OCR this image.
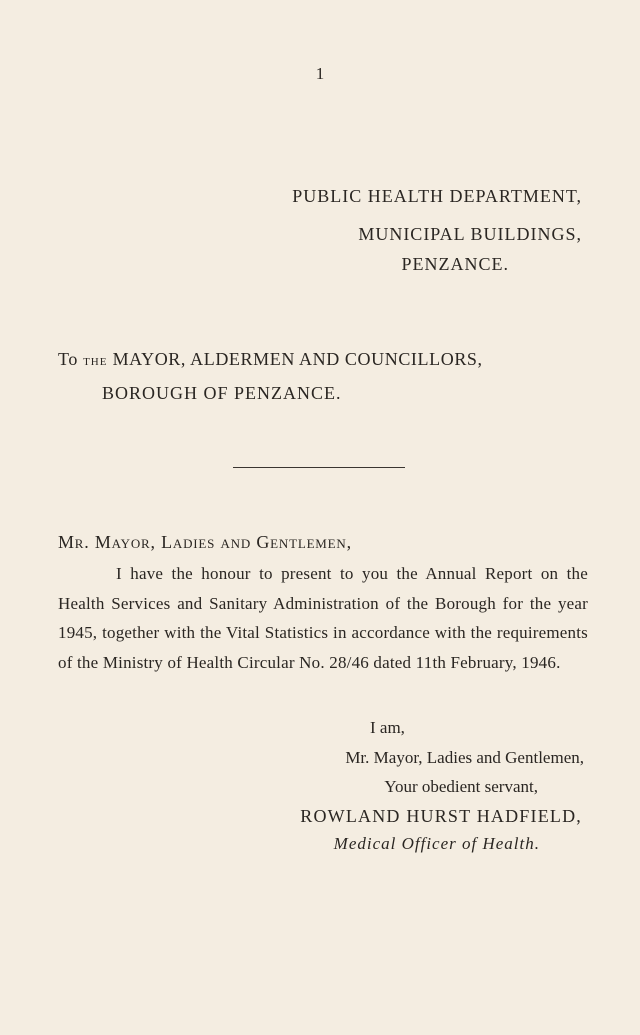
1
PUBLIC HEALTH DEPARTMENT,
MUNICIPAL BUILDINGS,
PENZANCE.
To the MAYOR, ALDERMEN AND COUNCILLORS,
BOROUGH OF PENZANCE.
Mr. Mayor, Ladies and Gentlemen,
I have the honour to present to you the Annual Report on the Health Services and Sanitary Administration of the Borough for the year 1945, together with the Vital Statistics in accordance with the requirements of the Ministry of Health Circular No. 28/46 dated 11th February, 1946.
I am,
Mr. Mayor, Ladies and Gentlemen,
Your obedient servant,
ROWLAND HURST HADFIELD,
Medical Officer of Health.
